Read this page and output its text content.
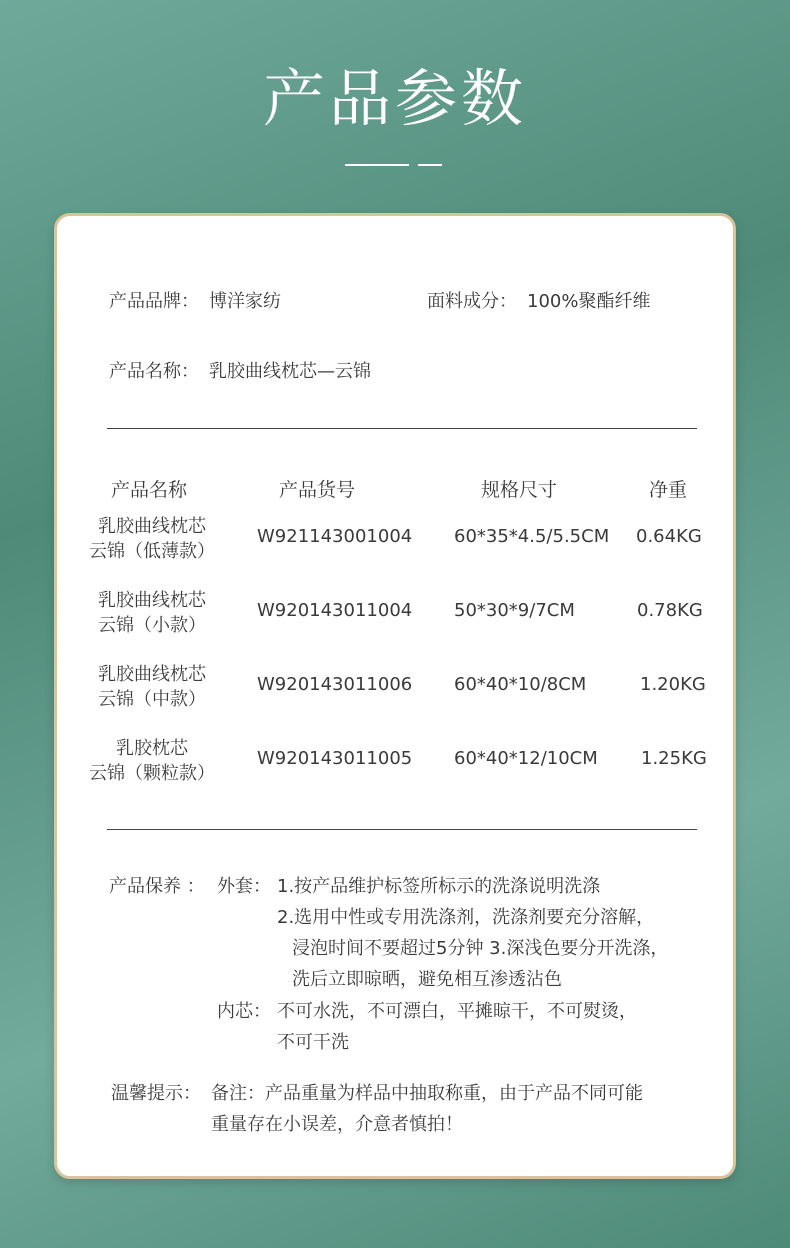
产品参数
产品品牌： 博洋家纺	面料成分： 100%聚酯纤维
产品名称： 乳胶曲线枕芯—云锦
产品名称	产品货号	规格尺寸	净重
乳胶曲线枕芯
云锦（低薄款）
W921143001004 60*35*4.5/5.5CM 0.64KG
乳胶曲线枕芯
云锦（小款）
W920143011004 50*30*9/7CM	0.78KG
乳胶曲线枕芯
云锦（中款）
W920143011006 60*40*10/8CM	1.20KG
乳胶枕芯
云锦（颗粒款）
W920143011005 60*40*12/10CM 1.25KG
产品保养 ： 外套： 1.按产品维护标签所标示的洗涤说明洗涤
2.选用中性或专用洗涤剂，洗涤剂要充分溶解，
浸泡时间不要超过5分钟 3.深浅色要分开洗涤，
洗后立即晾晒，避免相互渗透沾色
内芯： 不可水洗，不可漂白，平摊晾干，不可熨烫，
不可干洗
温馨提示： 备注：产品重量为样品中抽取称重，由于产品不同可能
重量存在小误差，介意者慎拍！
